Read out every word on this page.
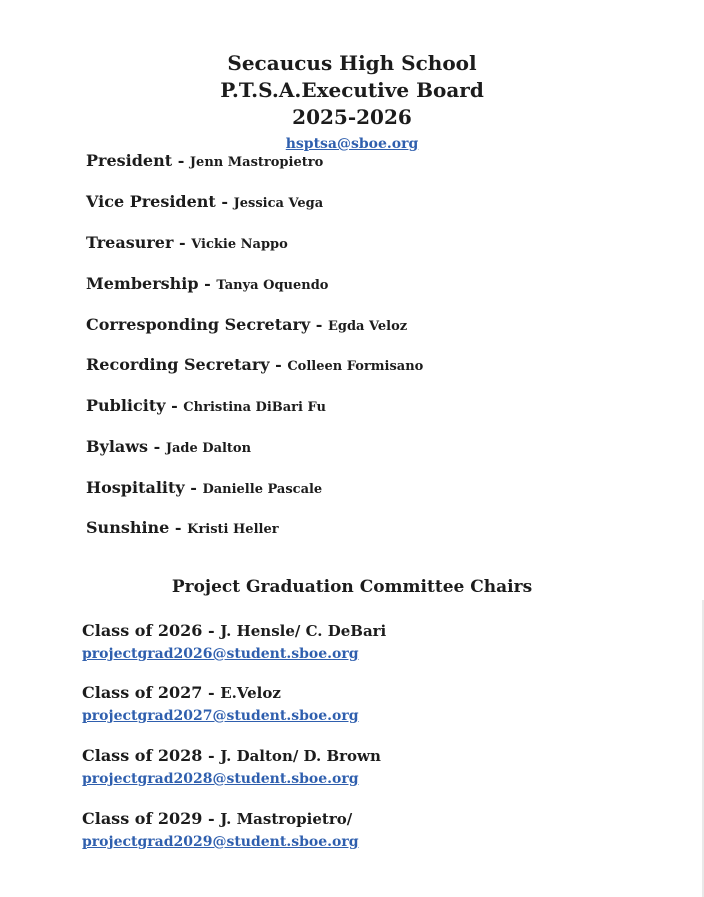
Secaucus High School
P.T.S.A.Executive Board
2025-2026
hsptsa@sboe.org
President - Jenn Mastropietro
Vice President - Jessica Vega
Treasurer - Vickie Nappo
Membership - Tanya Oquendo
Corresponding Secretary - Egda Veloz
Recording Secretary - Colleen Formisano
Publicity - Christina DiBari Fu
Bylaws - Jade Dalton
Hospitality - Danielle Pascale
Sunshine - Kristi Heller
Project Graduation Committee Chairs
Class of 2026 - J. Hensle/ C. DeBari
projectgrad2026@student.sboe.org
Class of 2027 - E.Veloz
projectgrad2027@student.sboe.org
Class of 2028 - J. Dalton/ D. Brown
projectgrad2028@student.sboe.org
Class of 2029 - J. Mastropietro/
projectgrad2029@student.sboe.org
